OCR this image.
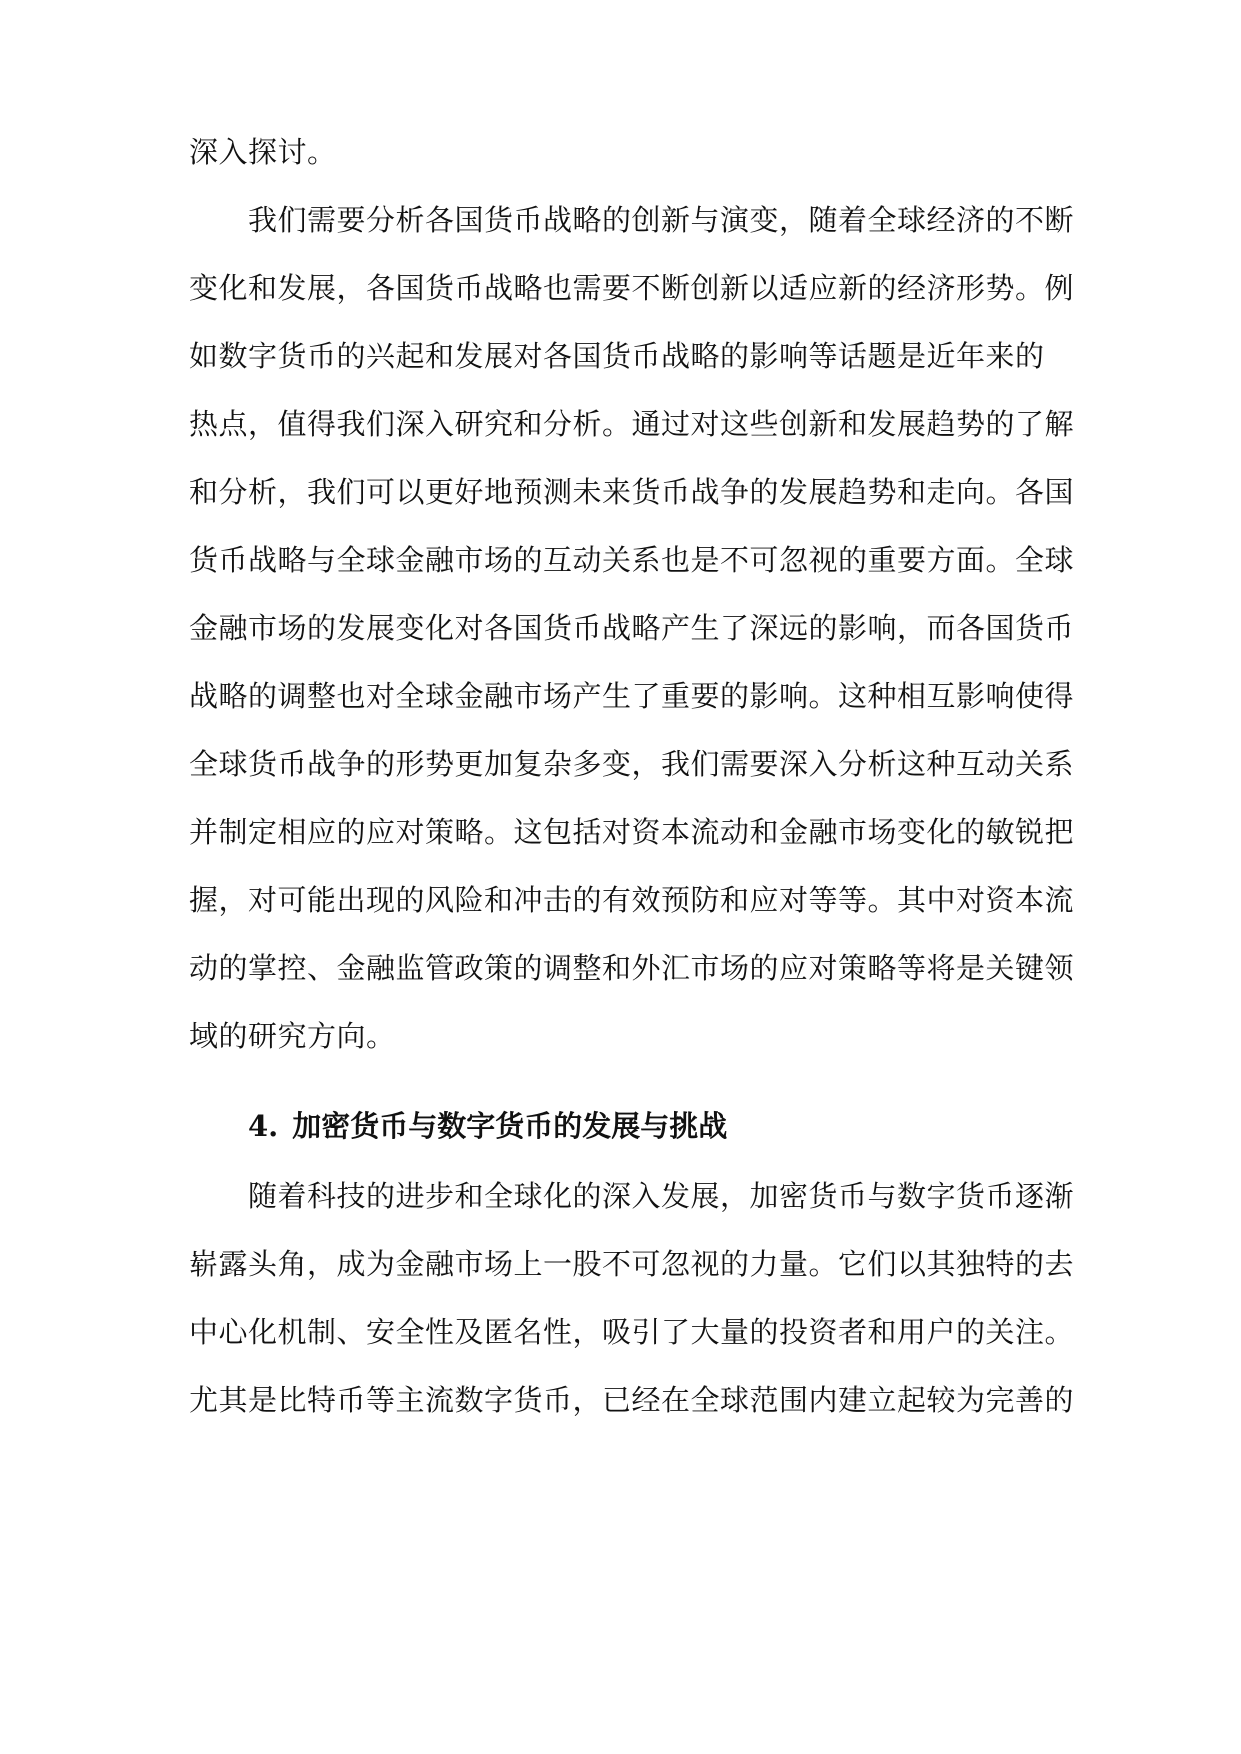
深入探讨。
我们需要分析各国货币战略的创新与演变，随着全球经济的不断
变化和发展，各国货币战略也需要不断创新以适应新的经济形势。例
如数字货币的兴起和发展对各国货币战略的影响等话题是近年来的
热点，值得我们深入研究和分析。通过对这些创新和发展趋势的了解
和分析，我们可以更好地预测未来货币战争的发展趋势和走向。各国
货币战略与全球金融市场的互动关系也是不可忽视的重要方面。全球
金融市场的发展变化对各国货币战略产生了深远的影响，而各国货币
战略的调整也对全球金融市场产生了重要的影响。这种相互影响使得
全球货币战争的形势更加复杂多变，我们需要深入分析这种互动关系
并制定相应的应对策略。这包括对资本流动和金融市场变化的敏锐把
握，对可能出现的风险和冲击的有效预防和应对等等。其中对资本流
动的掌控、金融监管政策的调整和外汇市场的应对策略等将是关键领
域的研究方向。
4. 加密货币与数字货币的发展与挑战
随着科技的进步和全球化的深入发展，加密货币与数字货币逐渐
崭露头角，成为金融市场上一股不可忽视的力量。它们以其独特的去
中心化机制、安全性及匿名性，吸引了大量的投资者和用户的关注。
尤其是比特币等主流数字货币，已经在全球范围内建立起较为完善的
